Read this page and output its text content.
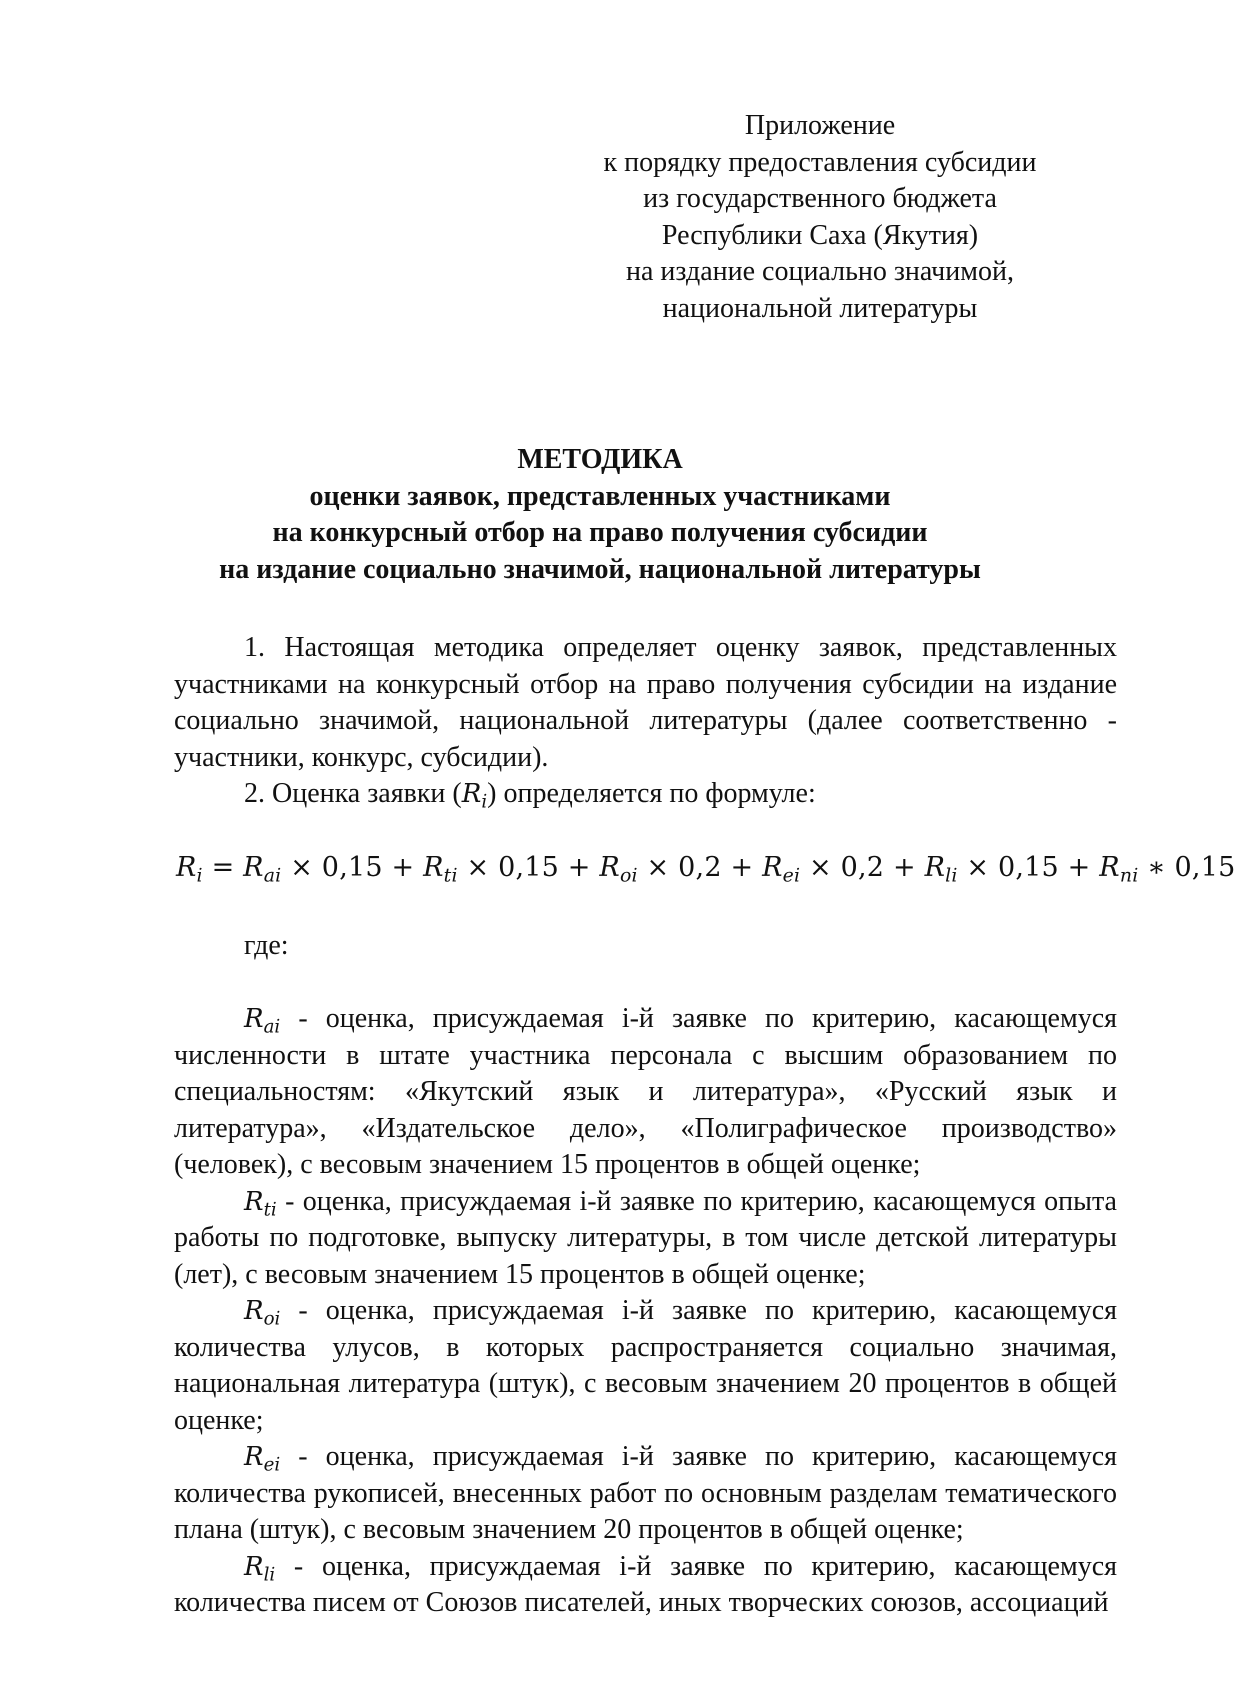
Приложение
к порядку предоставления субсидии
из государственного бюджета
Республики Саха (Якутия)
на издание социально значимой,
национальной литературы
МЕТОДИКА
оценки заявок, представленных участниками
на конкурсный отбор на право получения субсидии
на издание социально значимой, национальной литературы

1. Настоящая методика определяет оценку заявок, представленных участниками на конкурсный отбор на право получения субсидии на издание социально значимой, национальной литературы (далее соответственно - участники, конкурс, субсидии).

2. Оценка заявки $(R_i)$ определяется по формуле:

$R_i = R_{ai} \times 0,15 + R_{ti} \times 0,15 + R_{oi} \times 0,2 + R_{ei} \times 0,2 + R_{li} \times 0,15 + R_{ni}$ ∗ 0,15

где:

$R_{ai}$ - оценка, присуждаемая i-й заявке по критерию, касающемуся численности в штате участника персонала с высшим образованием по специальностям: «Якутский язык и литература», «Русский язык и литература», «Издательское дело», «Полиграфическое производство» (человек), с весовым значением 15 процентов в общей оценке;

$R_{ti}$ - оценка, присуждаемая i-й заявке по критерию, касающемуся опыта работы по подготовке, выпуску литературы, в том числе детской литературы (лет), с весовым значением 15 процентов в общей оценке;

$R_{oi}$ - оценка, присуждаемая i-й заявке по критерию, касающемуся количества улусов, в которых распространяется социально значимая, национальная литература (штук), с весовым значением 20 процентов в общей оценке;

$R_{ei}$ - оценка, присуждаемая i-й заявке по критерию, касающемуся количества рукописей, внесенных работ по основным разделам тематического плана (штук), с весовым значением 20 процентов в общей оценке;

$R_{li}$ - оценка, присуждаемая i-й заявке по критерию, касающемуся количества писем от Союзов писателей, иных творческих союзов, ассоциаций
